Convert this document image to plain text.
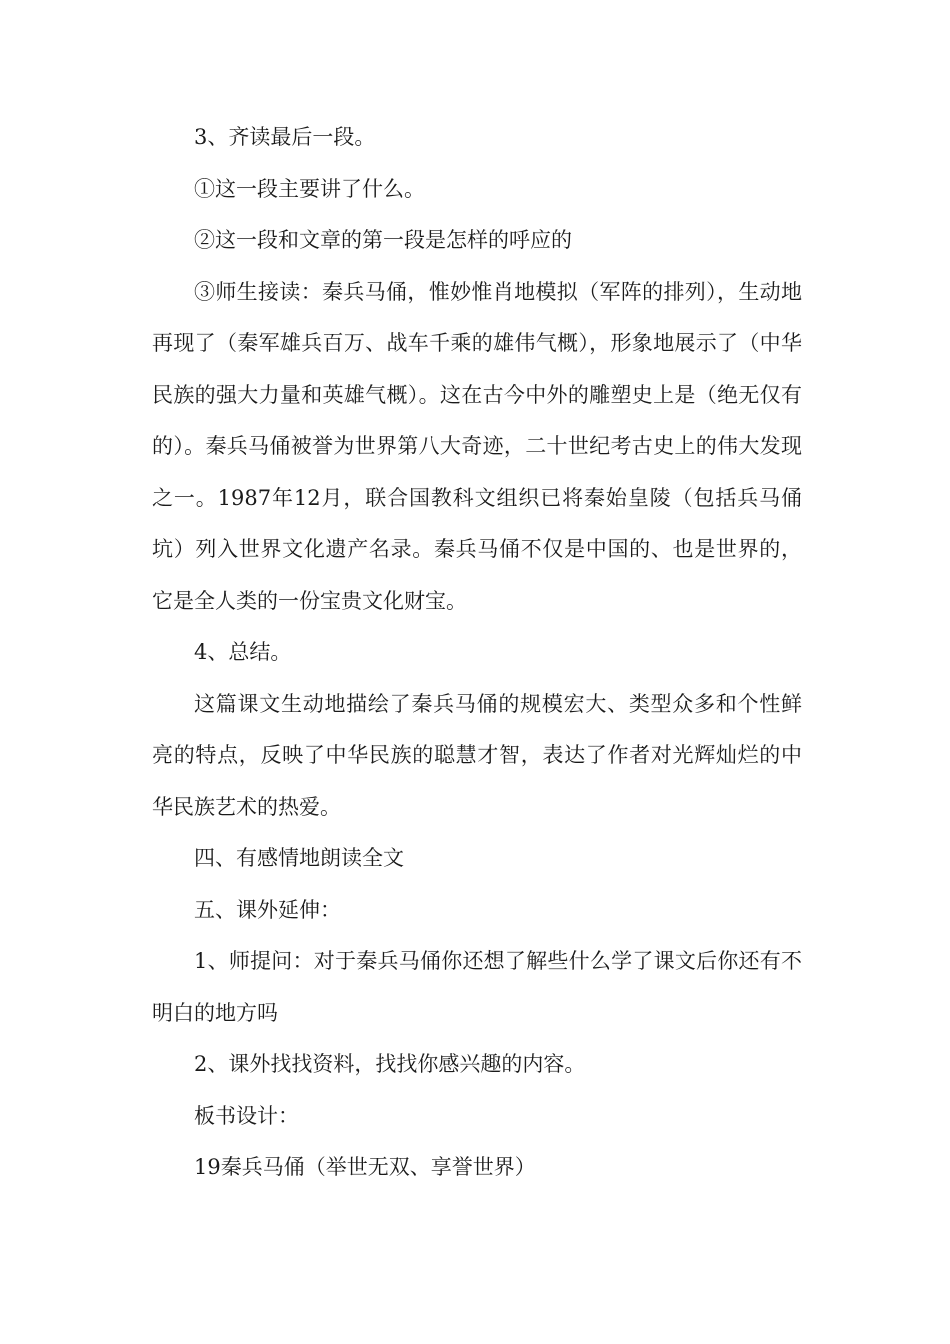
3、齐读最后一段。

①这一段主要讲了什么。

②这一段和文章的第一段是怎样的呼应的

③师生接读：秦兵马俑，惟妙惟肖地模拟（军阵的排列），生动地再现了（秦军雄兵百万、战车千乘的雄伟气概），形象地展示了（中华民族的强大力量和英雄气概）。这在古今中外的雕塑史上是（绝无仅有的）。秦兵马俑被誉为世界第八大奇迹，二十世纪考古史上的伟大发现之一。1987年12月，联合国教科文组织已将秦始皇陵（包括兵马俑坑）列入世界文化遗产名录。秦兵马俑不仅是中国的、也是世界的，它是全人类的一份宝贵文化财宝。

4、总结。

这篇课文生动地描绘了秦兵马俑的规模宏大、类型众多和个性鲜亮的特点，反映了中华民族的聪慧才智，表达了作者对光辉灿烂的中华民族艺术的热爱。

四、有感情地朗读全文

五、课外延伸：

1、师提问：对于秦兵马俑你还想了解些什么学了课文后你还有不明白的地方吗

2、课外找找资料，找找你感兴趣的内容。

板书设计：

19秦兵马俑（举世无双、享誉世界）
